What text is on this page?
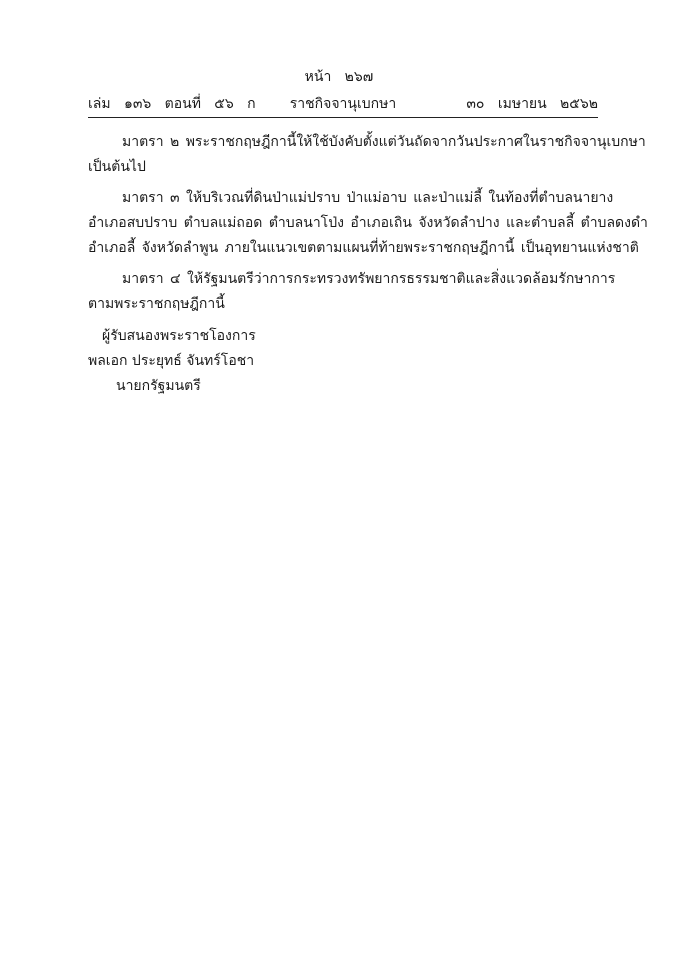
หน้า   ๒๖๗
เล่ม   ๑๓๖   ตอนที่   ๕๖   ก	ราชกิจจานุเบกษา	๓๐   เมษายน   ๒๕๖๒

มาตรา ๒ พระราชกฤษฎีกานี้ให้ใช้บังคับตั้งแต่วันถัดจากวันประกาศในราชกิจจานุเบกษา
เป็นต้นไป

มาตรา ๓ ให้บริเวณที่ดินป่าแม่ปราบ ป่าแม่อาบ และป่าแม่ลี้ ในท้องที่ตำบลนายาง
อำเภอสบปราบ ตำบลแม่ถอด ตำบลนาโป่ง อำเภอเถิน จังหวัดลำปาง และตำบลลี้ ตำบลดงดำ
อำเภอลี้ จังหวัดลำพูน ภายในแนวเขตตามแผนที่ท้ายพระราชกฤษฎีกานี้ เป็นอุทยานแห่งชาติ

มาตรา ๔ ให้รัฐมนตรีว่าการกระทรวงทรัพยากรธรรมชาติและสิ่งแวดล้อมรักษาการ
ตามพระราชกฤษฎีกานี้

ผู้รับสนองพระราชโองการ
พลเอก ประยุทธ์ จันทร์โอชา
นายกรัฐมนตรี
